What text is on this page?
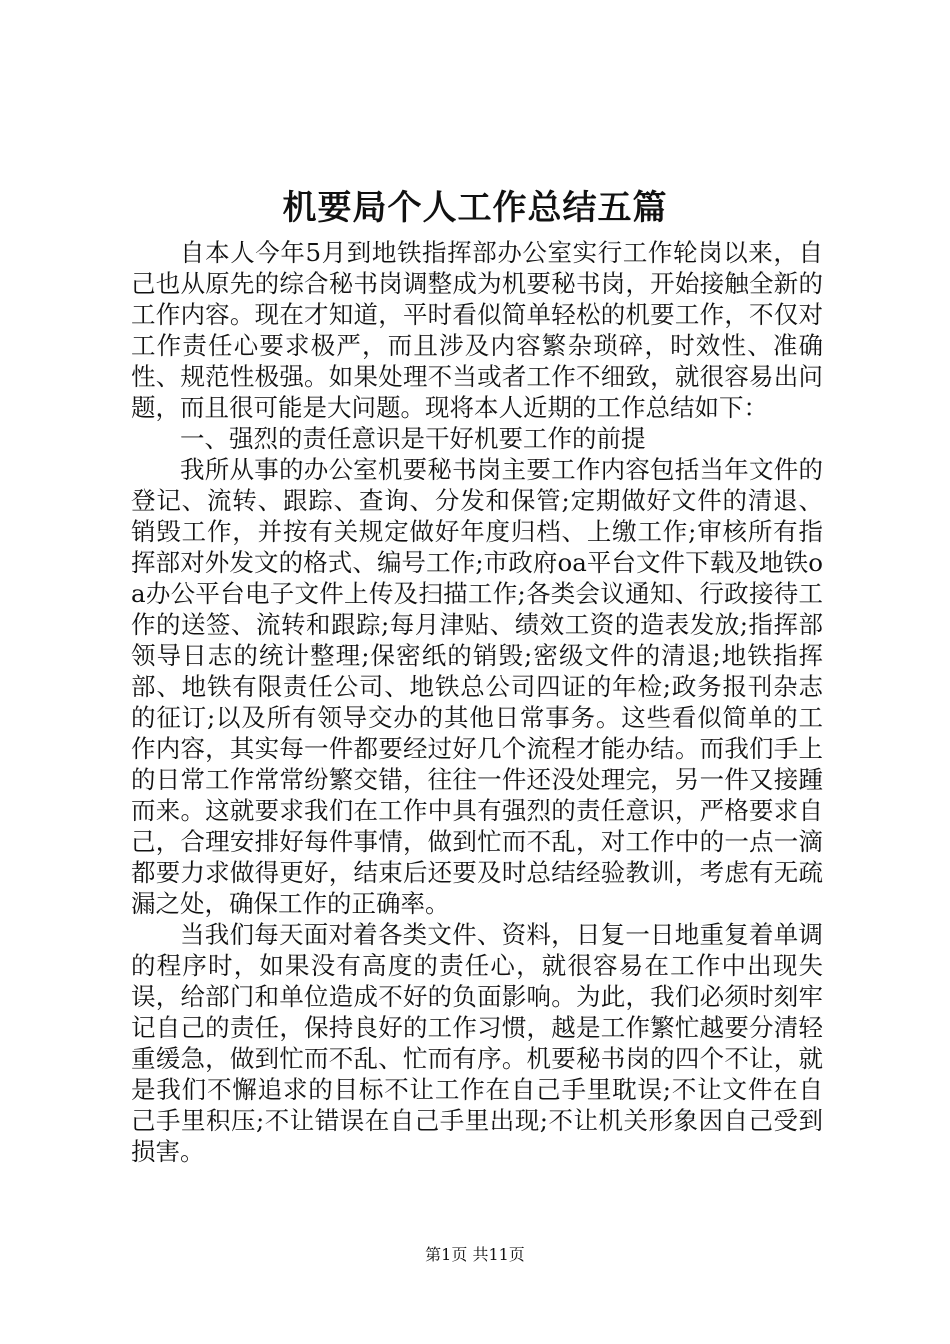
机要局个人工作总结五篇

自本人今年5月到地铁指挥部办公室实行工作轮岗以来，自己也从原先的综合秘书岗调整成为机要秘书岗，开始接触全新的工作内容。现在才知道，平时看似简单轻松的机要工作，不仅对工作责任心要求极严，而且涉及内容繁杂琐碎，时效性、准确性、规范性极强。如果处理不当或者工作不细致，就很容易出问题，而且很可能是大问题。现将本人近期的工作总结如下：

一、强烈的责任意识是干好机要工作的前提

我所从事的办公室机要秘书岗主要工作内容包括当年文件的登记、流转、跟踪、查询、分发和保管;定期做好文件的清退、销毁工作，并按有关规定做好年度归档、上缴工作;审核所有指挥部对外发文的格式、编号工作;市政府oa平台文件下载及地铁oa办公平台电子文件上传及扫描工作;各类会议通知、行政接待工作的送签、流转和跟踪;每月津贴、绩效工资的造表发放;指挥部领导日志的统计整理;保密纸的销毁;密级文件的清退;地铁指挥部、地铁有限责任公司、地铁总公司四证的年检;政务报刊杂志的征订;以及所有领导交办的其他日常事务。这些看似简单的工作内容，其实每一件都要经过好几个流程才能办结。而我们手上的日常工作常常纷繁交错，往往一件还没处理完，另一件又接踵而来。这就要求我们在工作中具有强烈的责任意识，严格要求自己，合理安排好每件事情，做到忙而不乱，对工作中的一点一滴都要力求做得更好，结束后还要及时总结经验教训，考虑有无疏漏之处，确保工作的正确率。

当我们每天面对着各类文件、资料，日复一日地重复着单调的程序时，如果没有高度的责任心，就很容易在工作中出现失误，给部门和单位造成不好的负面影响。为此，我们必须时刻牢记自己的责任，保持良好的工作习惯，越是工作繁忙越要分清轻重缓急，做到忙而不乱、忙而有序。机要秘书岗的四个不让，就是我们不懈追求的目标不让工作在自己手里耽误;不让文件在自己手里积压;不让错误在自己手里出现;不让机关形象因自己受到损害。

第1页 共11页
